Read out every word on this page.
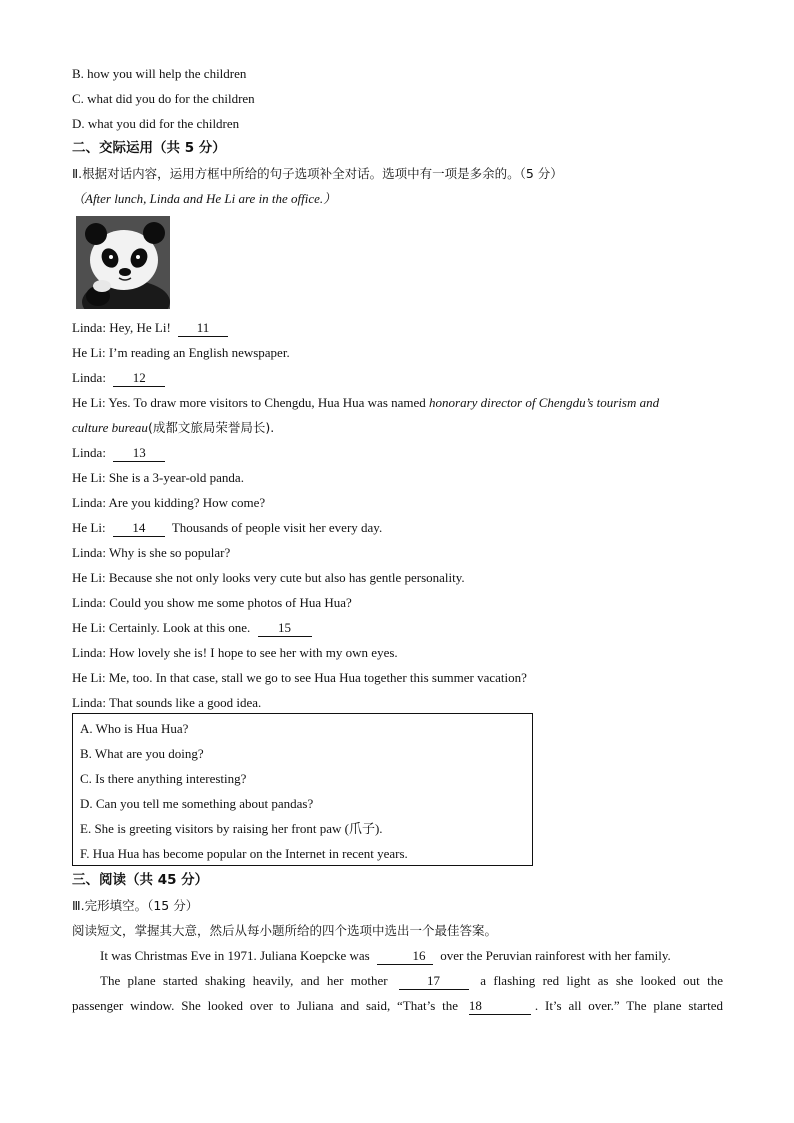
B. how you will help the children
C. what did you do for the children
D. what you did for the children
二、交际运用（共 5 分）
Ⅱ.根据对话内容，运用方框中所给的句子选项补全对话。选项中有一项是多余的。（5 分）
（After lunch, Linda and He Li are in the office.）
Linda: Hey, He Li! 11
He Li: I’m reading an English newspaper.
Linda: 12
He Li: Yes. To draw more visitors to Chengdu, Hua Hua was named honorary director of Chengdu’s tourism and
culture bureau(成都文旅局荣誉局长).
Linda: 13
He Li: She is a 3-year-old panda.
Linda: Are you kidding? How come?
He Li: 14 Thousands of people visit her every day.
Linda: Why is she so popular?
He Li: Because she not only looks very cute but also has gentle personality.
Linda: Could you show me some photos of Hua Hua?
He Li: Certainly. Look at this one. 15
Linda: How lovely she is! I hope to see her with my own eyes.
He Li: Me, too. In that case, stall we go to see Hua Hua together this summer vacation?
Linda: That sounds like a good idea.
A. Who is Hua Hua?
B. What are you doing?
C. Is there anything interesting?
D. Can you tell me something about pandas?
E. She is greeting visitors by raising her front paw (爪子).
F. Hua Hua has become popular on the Internet in recent years.
三、阅读（共 45 分）
Ⅲ.完形填空。（15 分）
阅读短文，掌握其大意，然后从每小题所给的四个选项中选出一个最佳答案。
It was Christmas Eve in 1971. Juliana Koepcke was	16 over the Peruvian rainforest with her family.
The plane started shaking heavily, and her mother	17	a flashing red light as she looked out the
passenger window. She looked over to Juliana and said, “That’s the 18	. It’s all over.” The plane started
